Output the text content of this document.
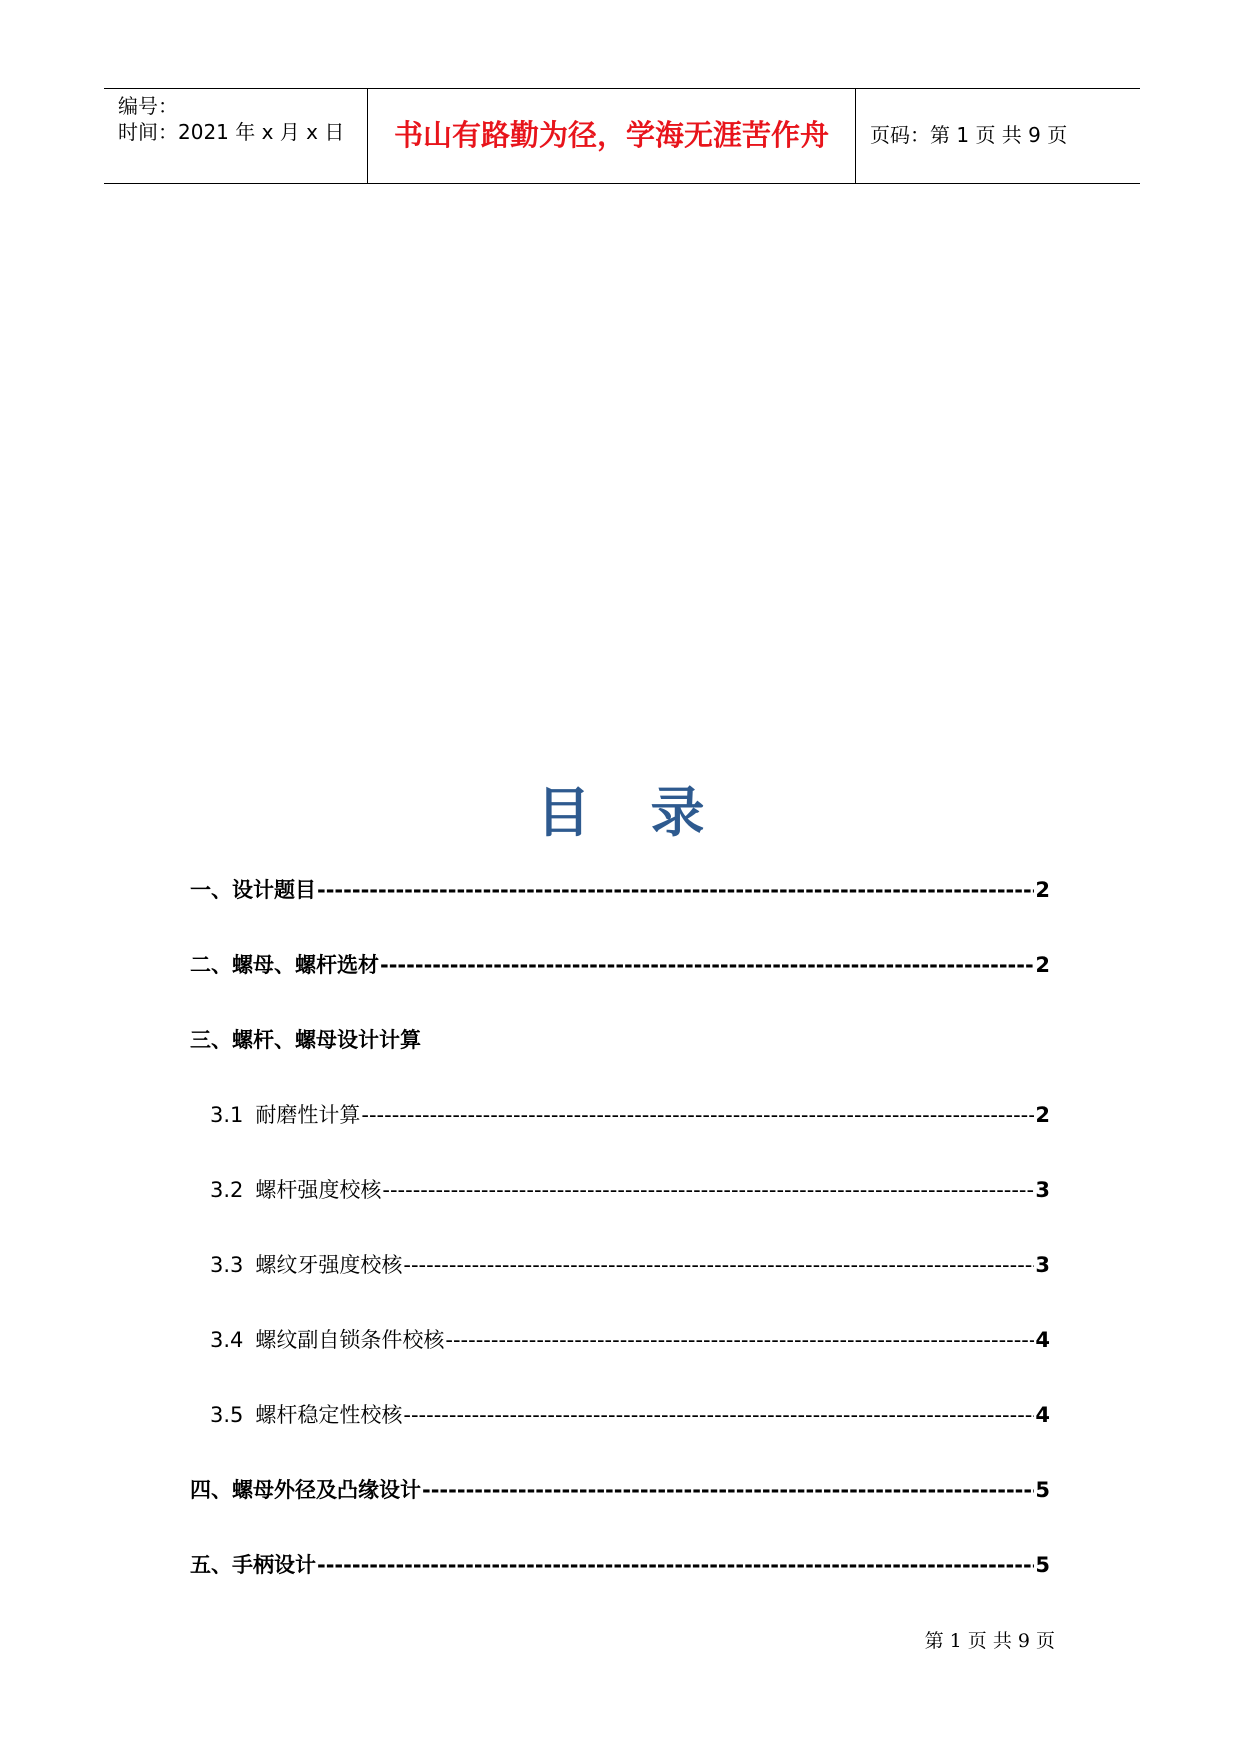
编号：
时间：2021 年 x 月 x 日	书山有路勤为径，学海无涯苦作舟	页码：第 1 页 共 9 页
目录
一、设计题目 -----	2
二、螺母、螺杆选材 -----	2
三、螺杆、螺母设计计算
3.1 耐磨性计算 -----	2
3.2 螺杆强度校核 -----	3
3.3 螺纹牙强度校核 -----	3
3.4 螺纹副自锁条件校核 -----	4
3.5 螺杆稳定性校核 -----	4
四、螺母外径及凸缘设计 -----	5
五、手柄设计 -----	5
第 1 页 共 9 页
